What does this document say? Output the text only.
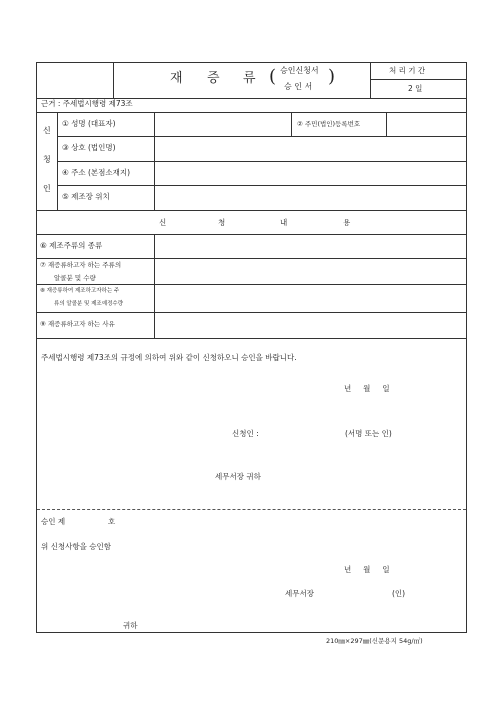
재 증 류 ( 승인신청서
승 인 서 )	처 리 기 간
2 일
근거 : 주세법시행령 제73조
신
청
인
① 성명 (대표자)	② 주민(법인)등록번호
③ 상호 (법인명)
④ 주소 (본점소재지)
⑤ 제조장 위치
신	청	내	용
⑥ 제조주류의 종류
⑦ 재증류하고자 하는 주류의
알콜분 및 수량
⑧ 재증류하여 제조하고자하는 주
류의 알콜분 및 제조예정수량
⑨ 재증류하고자 하는 사유
주세법시행령 제73조의 규정에 의하여 위와 같이 신청하오니 승인을 바랍니다.
년     월     일
신청인 :	(서명 또는 인)
세무서장 귀하
승인 제	호
위 신청사항을 승인함
년     월     일
세무서장	(인)
귀하
210㎜×297㎜(신문용지 54g/㎡)
